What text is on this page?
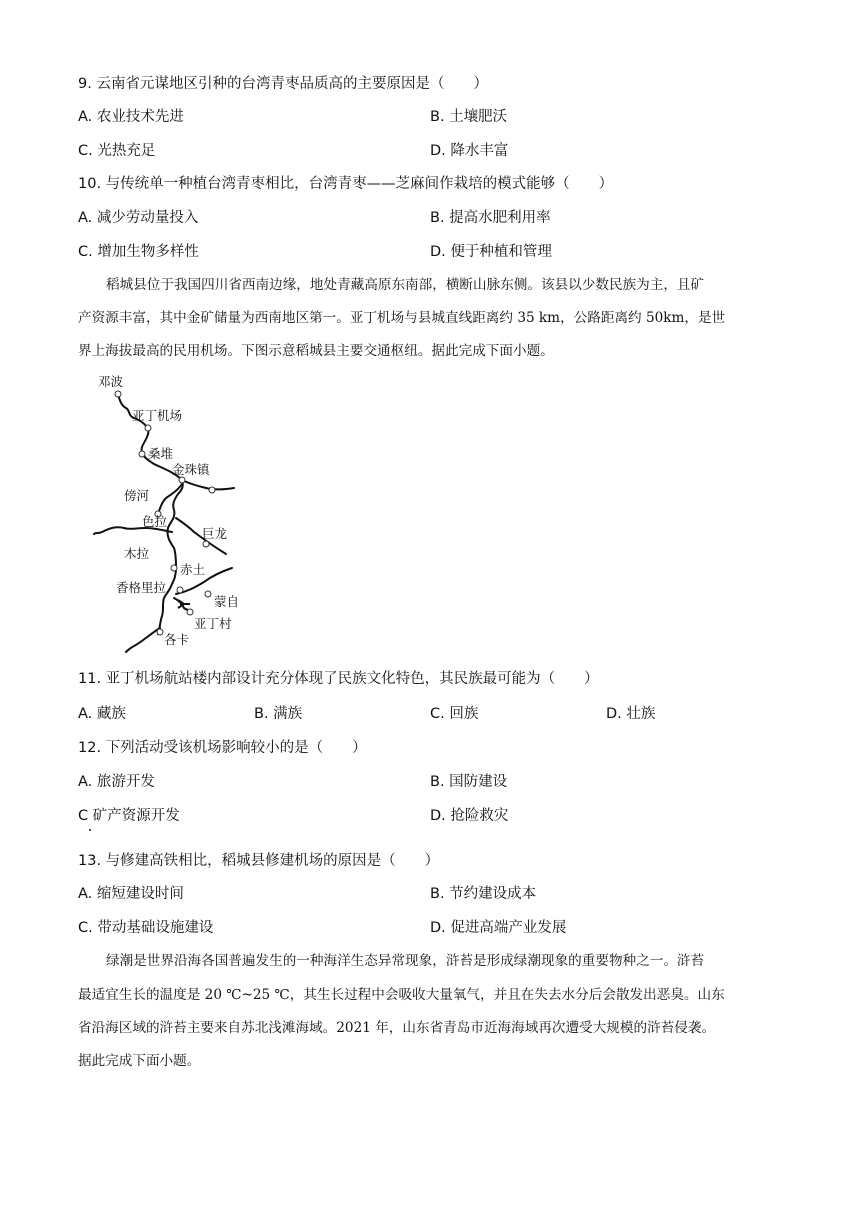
9. 云南省元谋地区引种的台湾青枣品质高的主要原因是（　　）
A. 农业技术先进	B. 土壤肥沃
C. 光热充足	D. 降水丰富
10. 与传统单一种植台湾青枣相比，台湾青枣——芝麻间作栽培的模式能够（　　）
A. 减少劳动量投入	B. 提高水肥利用率
C. 增加生物多样性	D. 便于种植和管理
稻城县位于我国四川省西南边缘，地处青藏高原东南部，横断山脉东侧。该县以少数民族为主，且矿
产资源丰富，其中金矿储量为西南地区第一。亚丁机场与县城直线距离约 35 km，公路距离约 50km，是世
界上海拔最高的民用机场。下图示意稻城县主要交通枢纽。据此完成下面小题。
邓波
亚丁机场
桑堆
金珠镇
傍河
色拉
巨龙
木拉
赤土
香格里拉
蒙自
亚丁村
各卡
11. 亚丁机场航站楼内部设计充分体现了民族文化特色，其民族最可能为（　　）
A. 藏族	B. 满族	C. 回族	D. 壮族
12. 下列活动受该机场影响较小的是（　　）
A. 旅游开发	B. 国防建设
C 矿产资源开发	D. 抢险救灾
13. 与修建高铁相比，稻城县修建机场的原因是（　　）
A. 缩短建设时间	B. 节约建设成本
C. 带动基础设施建设	D. 促进高端产业发展
绿潮是世界沿海各国普遍发生的一种海洋生态异常现象，浒苔是形成绿潮现象的重要物种之一。浒苔
最适宜生长的温度是 20 ℃~25 ℃，其生长过程中会吸收大量氧气，并且在失去水分后会散发出恶臭。山东
省沿海区域的浒苔主要来自苏北浅滩海域。2021 年，山东省青岛市近海海域再次遭受大规模的浒苔侵袭。
据此完成下面小题。
